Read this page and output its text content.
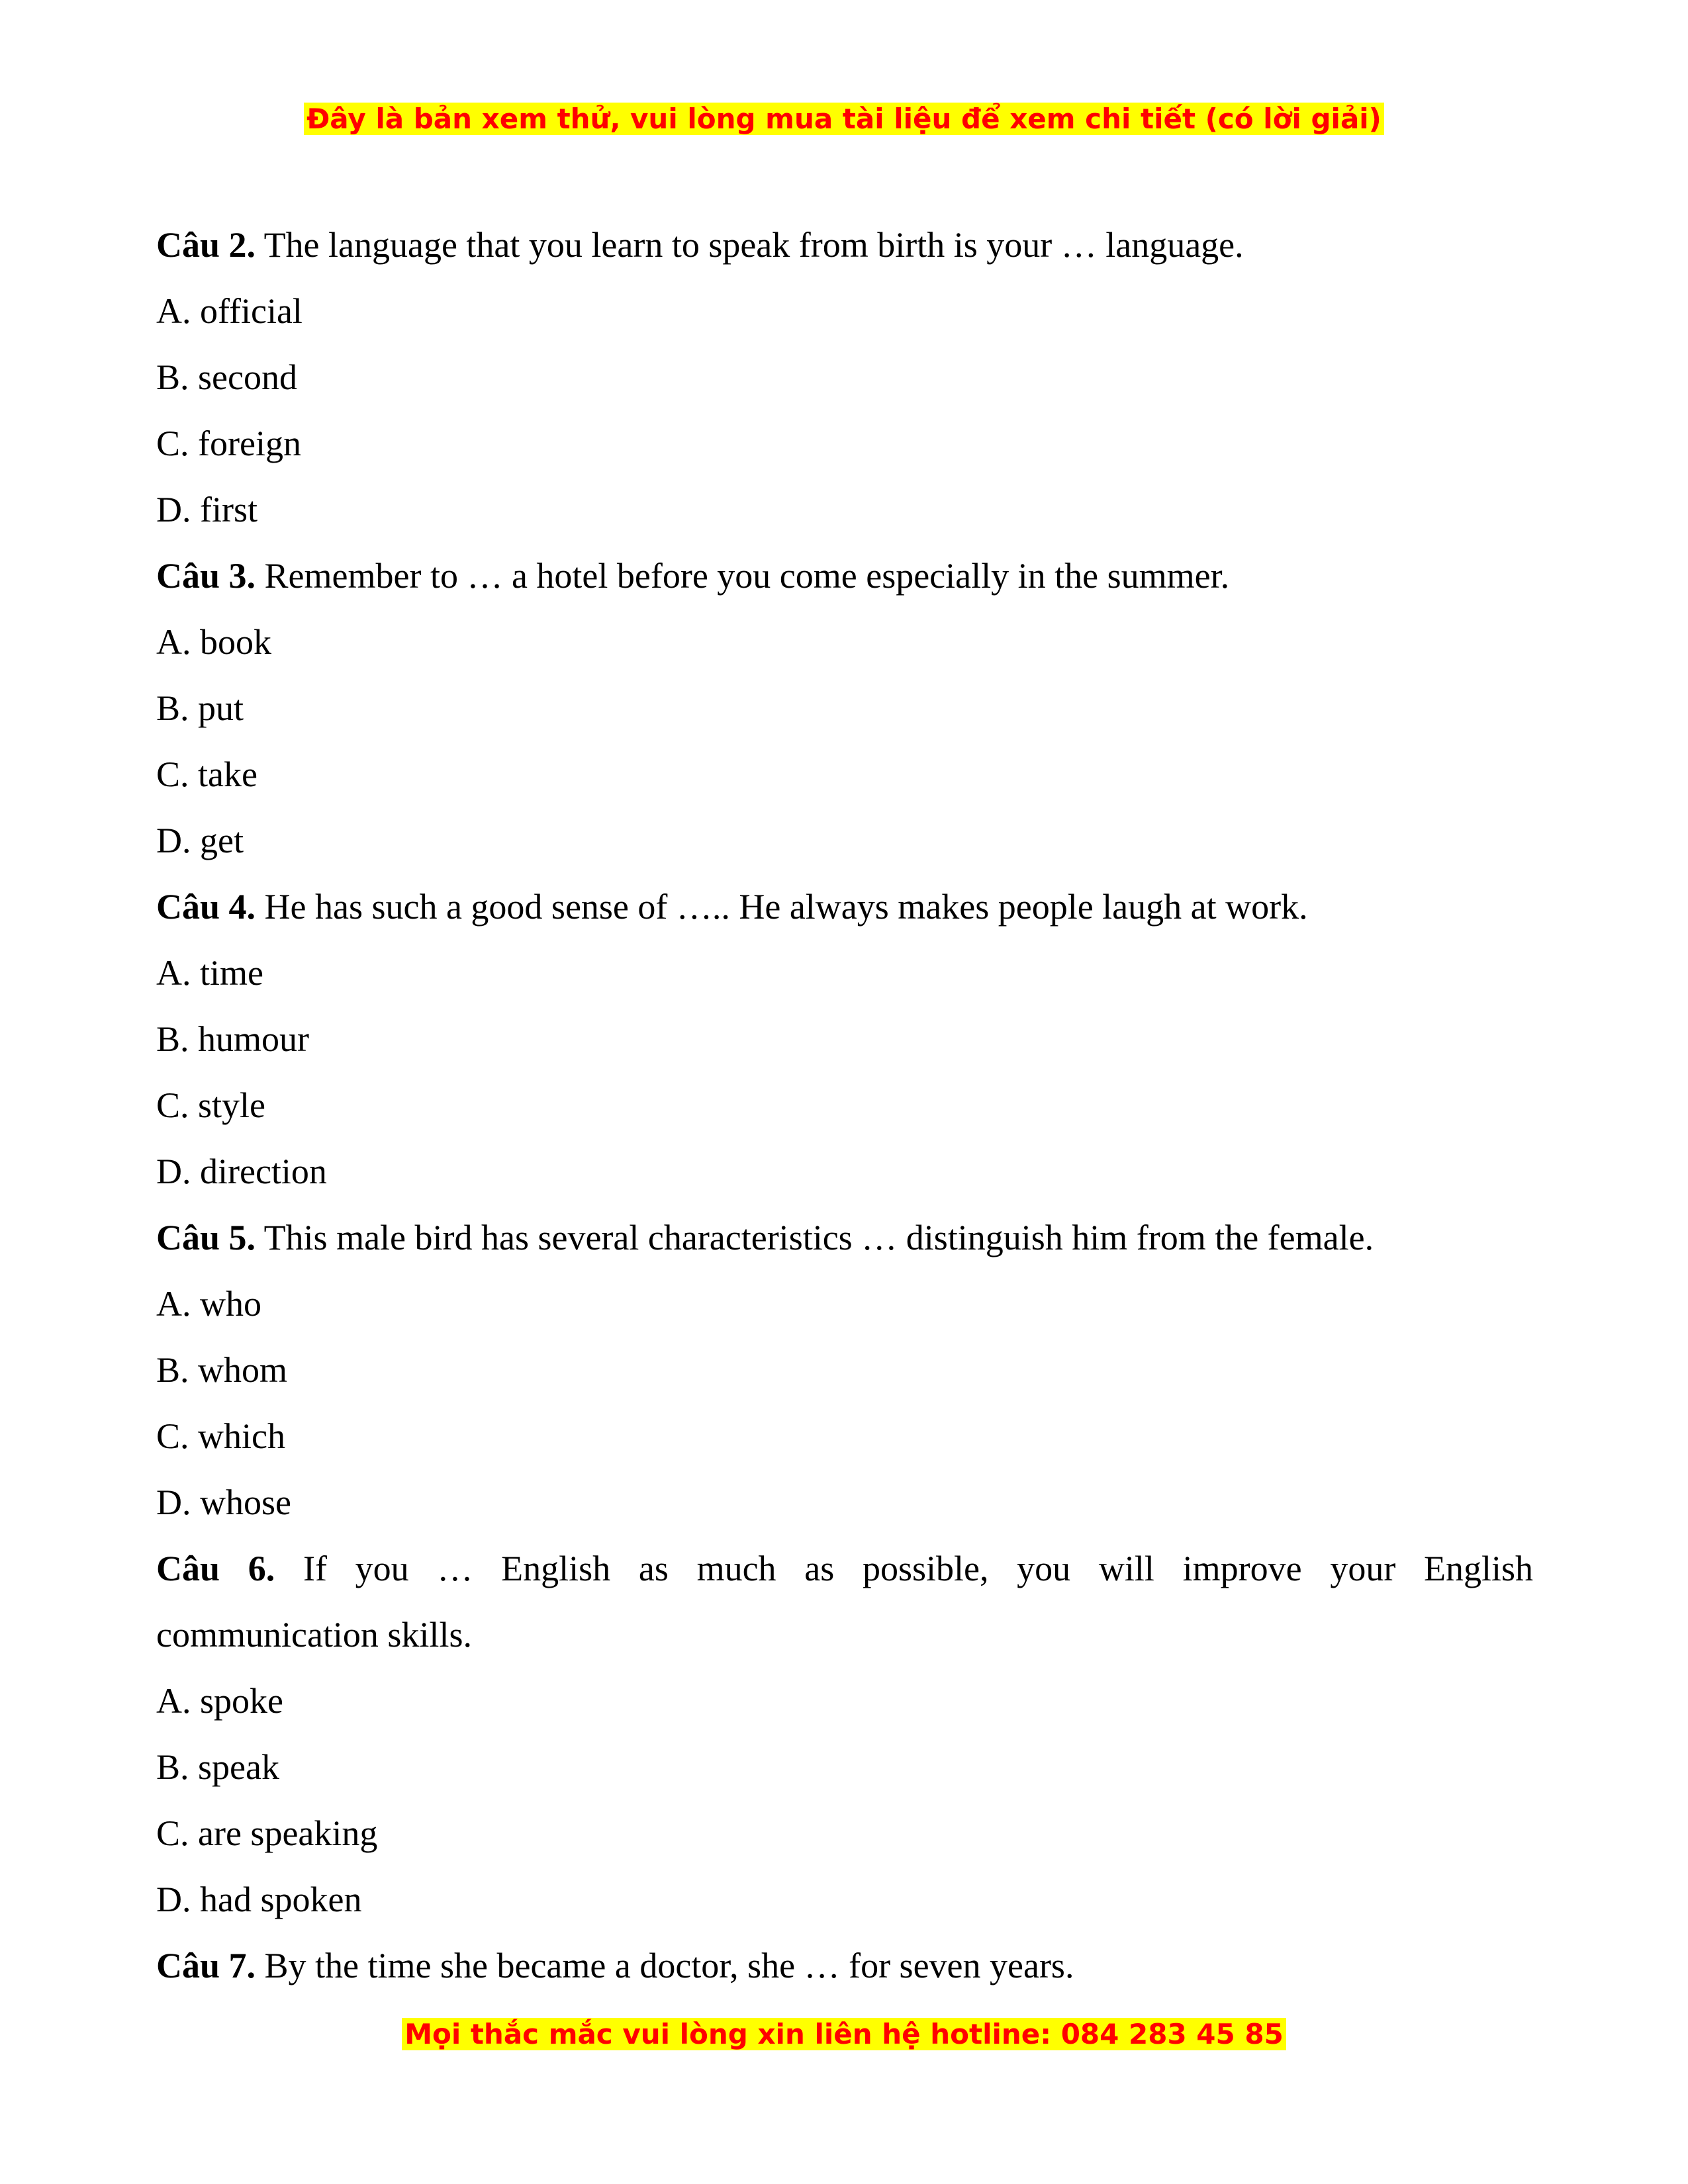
Đây là bản xem thử, vui lòng mua tài liệu để xem chi tiết (có lời giải)
Câu 2. The language that you learn to speak from birth is your … language.
A. official
B. second
C. foreign
D. first
Câu 3. Remember to … a hotel before you come especially in the summer.
A. book
B. put
C. take
D. get
Câu 4. He has such a good sense of ….. He always makes people laugh at work.
A. time
B. humour
C. style
D. direction
Câu 5. This male bird has several characteristics … distinguish him from the female.
A. who
B. whom
C. which
D. whose
Câu 6. If you … English as much as possible, you will improve your English
communication skills.
A. spoke
B. speak
C. are speaking
D. had spoken
Câu 7. By the time she became a doctor, she … for seven years.
Mọi thắc mắc vui lòng xin liên hệ hotline: 084 283 45 85
